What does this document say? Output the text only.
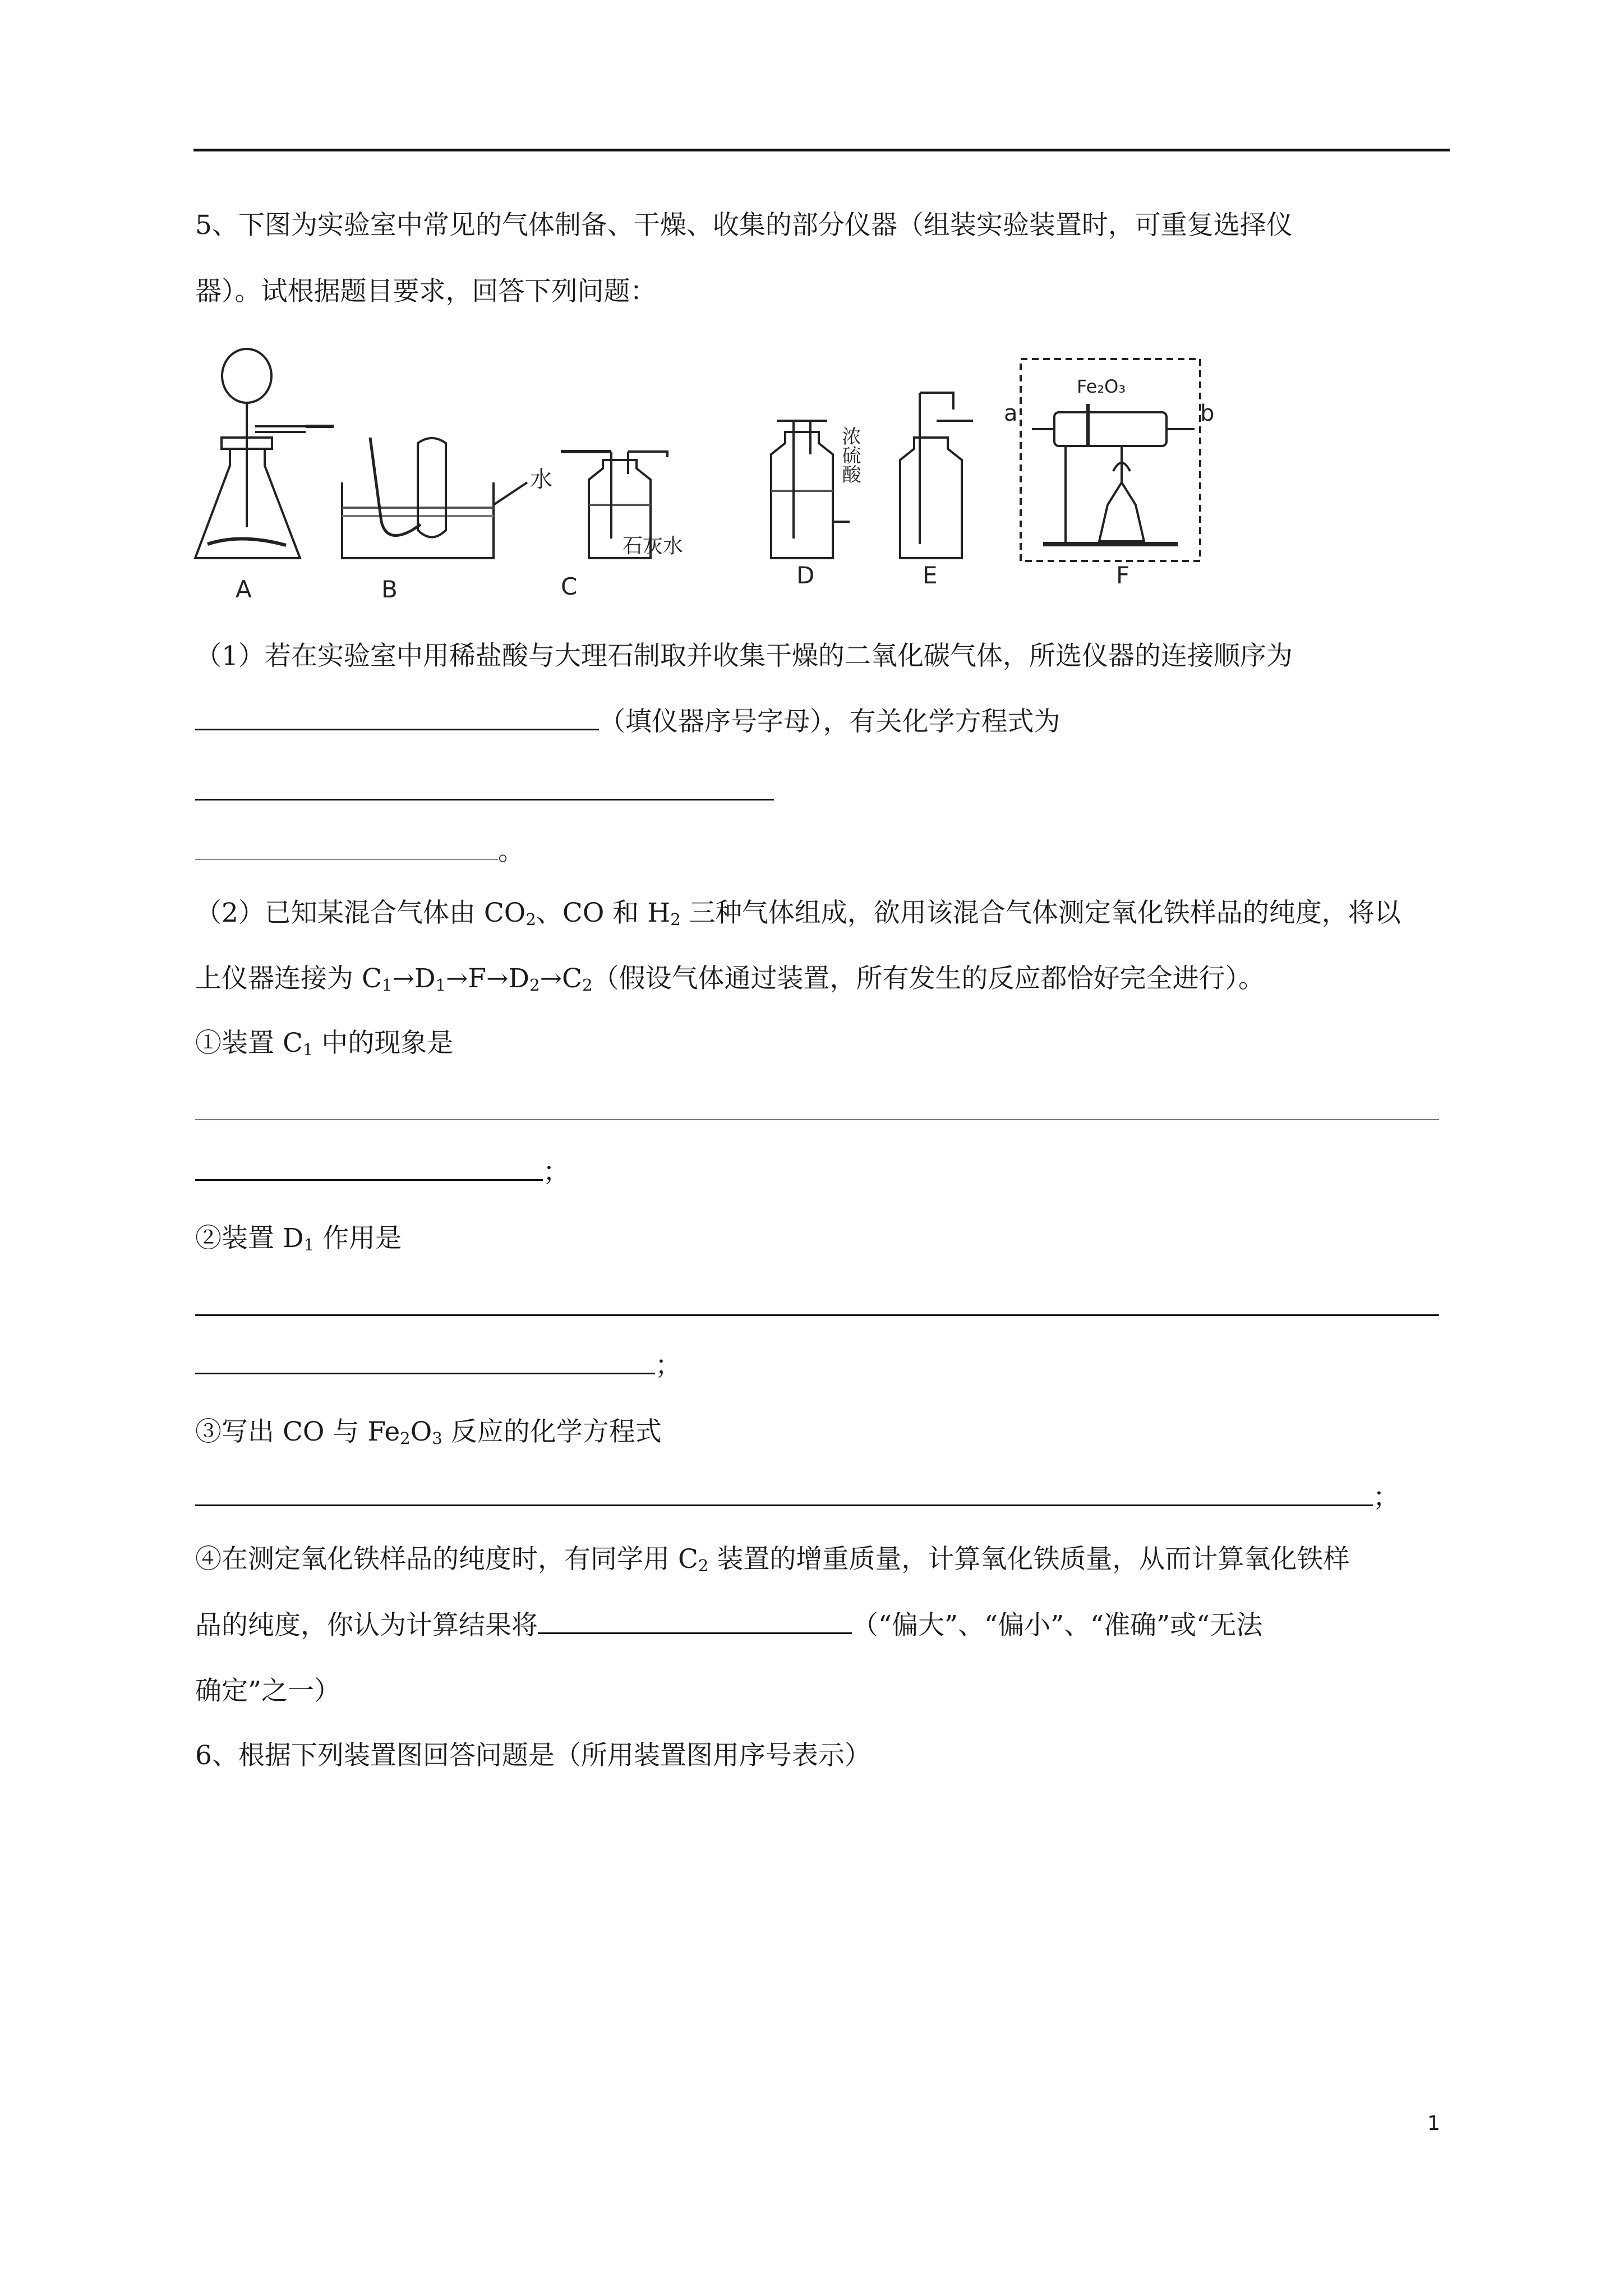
5、下图为实验室中常见的气体制备、干燥、收集的部分仪器（组装实验装置时，可重复选择仪
器）。试根据题目要求，回答下列问题：
A	B	C	D	E	F
水
石灰水
a	b
Fe₂O₃
浓硫酸
（1）若在实验室中用稀盐酸与大理石制取并收集干燥的二氧化碳气体，所选仪器的连接顺序为
（填仪器序号字母），有关化学方程式为
。
（2）已知某混合气体由 $CO_2$、CO 和 $H_2$ 三种气体组成，欲用该混合气体测定氧化铁样品的纯度，将以
上仪器连接为 $C_1\to D_1\to F\to D_2\to C_2$（假设气体通过装置，所有发生的反应都恰好完全进行）。
①装置 $C_1$ 中的现象是
；
②装置 $D_1$ 作用是
；
③写出 CO 与 $Fe_2O_3$ 反应的化学方程式
；
④在测定氧化铁样品的纯度时，有同学用 $C_2$ 装置的增重质量，计算氧化铁质量，从而计算氧化铁样
品的纯度，你认为计算结果将	（“偏大”、“偏小”、“准确”或“无法
确定”之一）
6、根据下列装置图回答问题是（所用装置图用序号表示）
1
